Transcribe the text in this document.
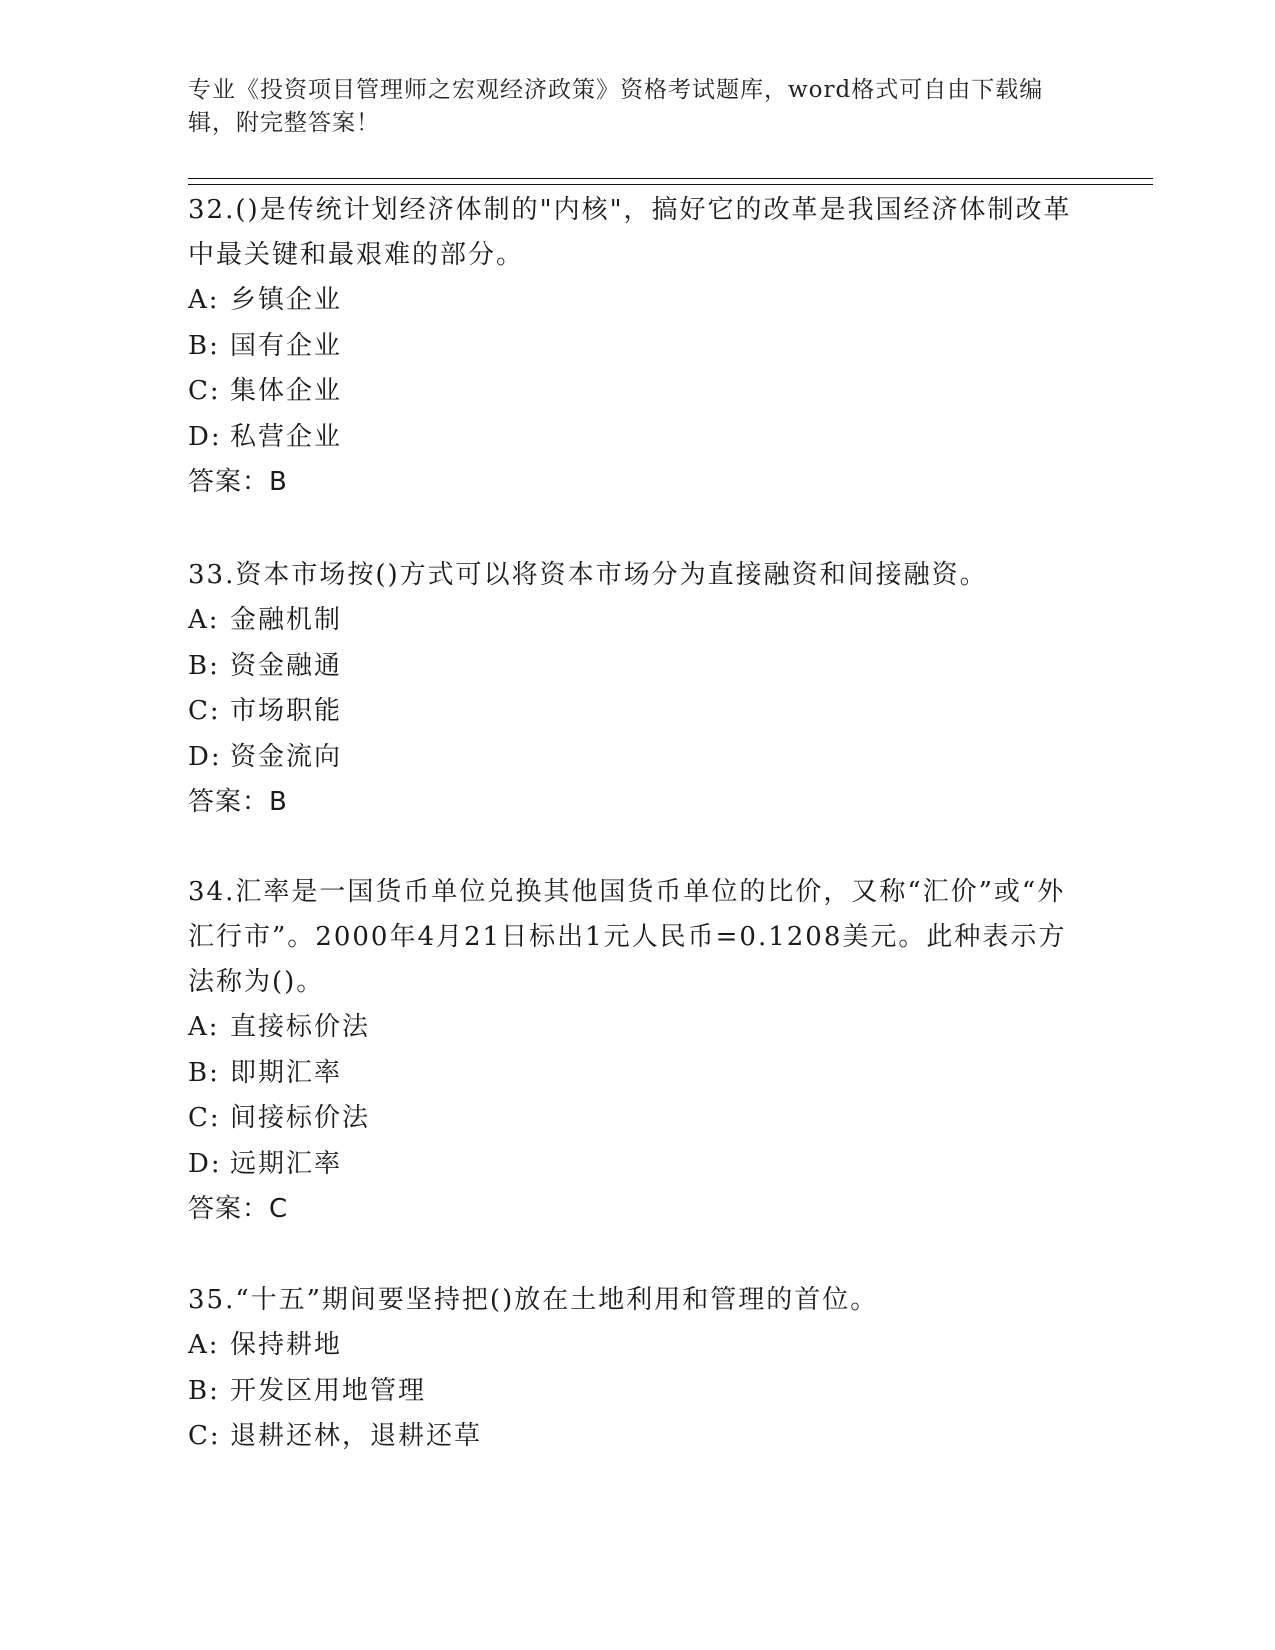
专业《投资项目管理师之宏观经济政策》资格考试题库，word格式可自由下载编辑，附完整答案！

32.()是传统计划经济体制的"内核"，搞好它的改革是我国经济体制改革中最关键和最艰难的部分。

A: 乡镇企业
B: 国有企业
C: 集体企业
D: 私营企业
答案：B

33.资本市场按()方式可以将资本市场分为直接融资和间接融资。

A: 金融机制
B: 资金融通
C: 市场职能
D: 资金流向
答案：B

34.汇率是一国货币单位兑换其他国货币单位的比价，又称“汇价”或“外汇行市”。2000年4月21日标出1元人民币=0.1208美元。此种表示方法称为()。

A: 直接标价法
B: 即期汇率
C: 间接标价法
D: 远期汇率
答案：C

35.“十五”期间要坚持把()放在土地利用和管理的首位。

A: 保持耕地
B: 开发区用地管理
C: 退耕还林，退耕还草
